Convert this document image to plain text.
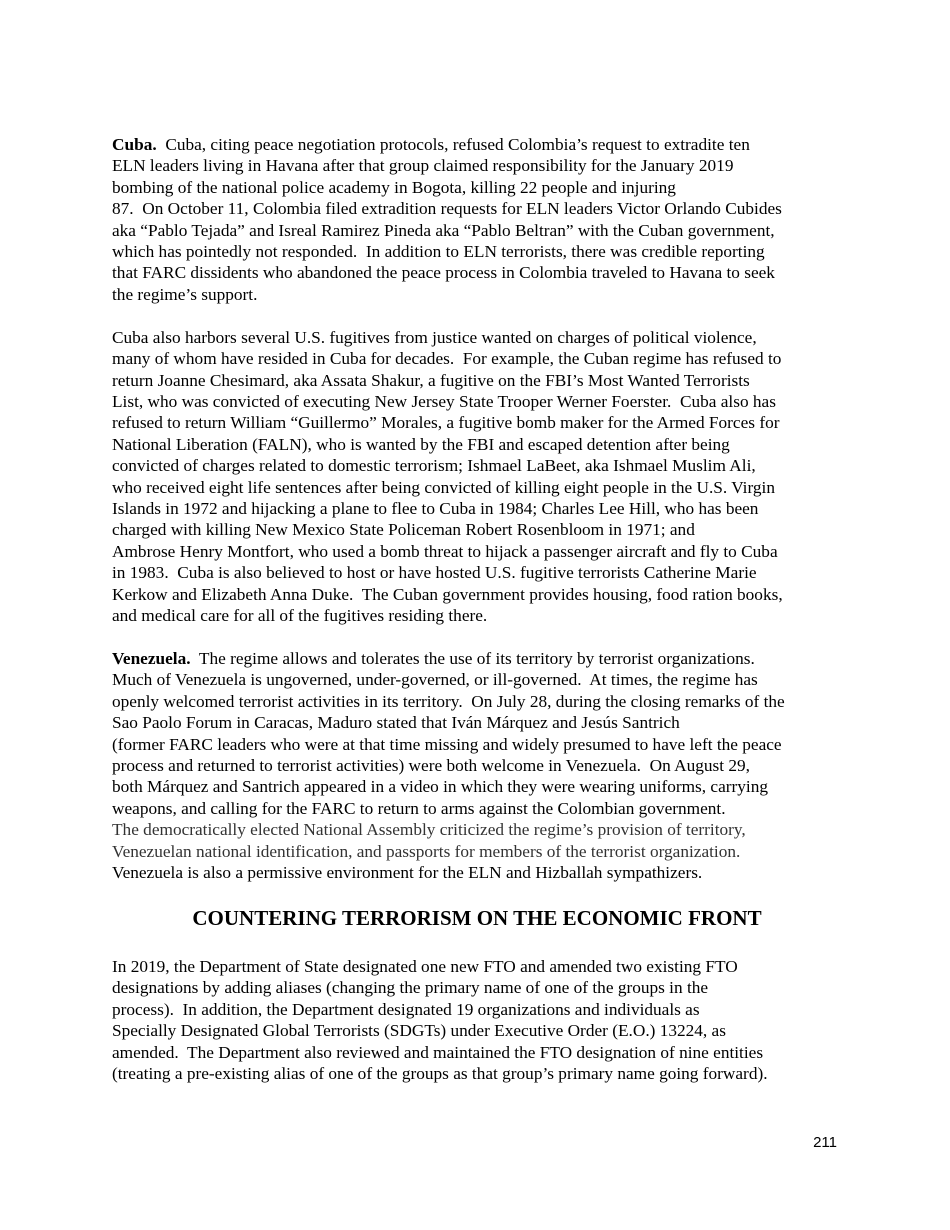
Cuba.  Cuba, citing peace negotiation protocols, refused Colombia’s request to extradite ten
ELN leaders living in Havana after that group claimed responsibility for the January 2019
bombing of the national police academy in Bogota, killing 22 people and injuring
87.  On October 11, Colombia filed extradition requests for ELN leaders Victor Orlando Cubides
aka “Pablo Tejada” and Isreal Ramirez Pineda aka “Pablo Beltran” with the Cuban government,
which has pointedly not responded.  In addition to ELN terrorists, there was credible reporting
that FARC dissidents who abandoned the peace process in Colombia traveled to Havana to seek
the regime’s support.

Cuba also harbors several U.S. fugitives from justice wanted on charges of political violence,
many of whom have resided in Cuba for decades.  For example, the Cuban regime has refused to
return Joanne Chesimard, aka Assata Shakur, a fugitive on the FBI’s Most Wanted Terrorists
List, who was convicted of executing New Jersey State Trooper Werner Foerster.  Cuba also has
refused to return William “Guillermo” Morales, a fugitive bomb maker for the Armed Forces for
National Liberation (FALN), who is wanted by the FBI and escaped detention after being
convicted of charges related to domestic terrorism; Ishmael LaBeet, aka Ishmael Muslim Ali,
who received eight life sentences after being convicted of killing eight people in the U.S. Virgin
Islands in 1972 and hijacking a plane to flee to Cuba in 1984; Charles Lee Hill, who has been
charged with killing New Mexico State Policeman Robert Rosenbloom in 1971; and
Ambrose Henry Montfort, who used a bomb threat to hijack a passenger aircraft and fly to Cuba
in 1983.  Cuba is also believed to host or have hosted U.S. fugitive terrorists Catherine Marie
Kerkow and Elizabeth Anna Duke.  The Cuban government provides housing, food ration books,
and medical care for all of the fugitives residing there.

Venezuela.  The regime allows and tolerates the use of its territory by terrorist organizations.
Much of Venezuela is ungoverned, under-governed, or ill-governed.  At times, the regime has
openly welcomed terrorist activities in its territory.  On July 28, during the closing remarks of the
Sao Paolo Forum in Caracas, Maduro stated that Iván Márquez and Jesús Santrich
(former FARC leaders who were at that time missing and widely presumed to have left the peace
process and returned to terrorist activities) were both welcome in Venezuela.  On August 29,
both Márquez and Santrich appeared in a video in which they were wearing uniforms, carrying
weapons, and calling for the FARC to return to arms against the Colombian government.
The democratically elected National Assembly criticized the regime’s provision of territory,
Venezuelan national identification, and passports for members of the terrorist organization.
Venezuela is also a permissive environment for the ELN and Hizballah sympathizers.

COUNTERING TERRORISM ON THE ECONOMIC FRONT

In 2019, the Department of State designated one new FTO and amended two existing FTO
designations by adding aliases (changing the primary name of one of the groups in the
process).  In addition, the Department designated 19 organizations and individuals as
Specially Designated Global Terrorists (SDGTs) under Executive Order (E.O.) 13224, as
amended.  The Department also reviewed and maintained the FTO designation of nine entities
(treating a pre-existing alias of one of the groups as that group’s primary name going forward).

211
